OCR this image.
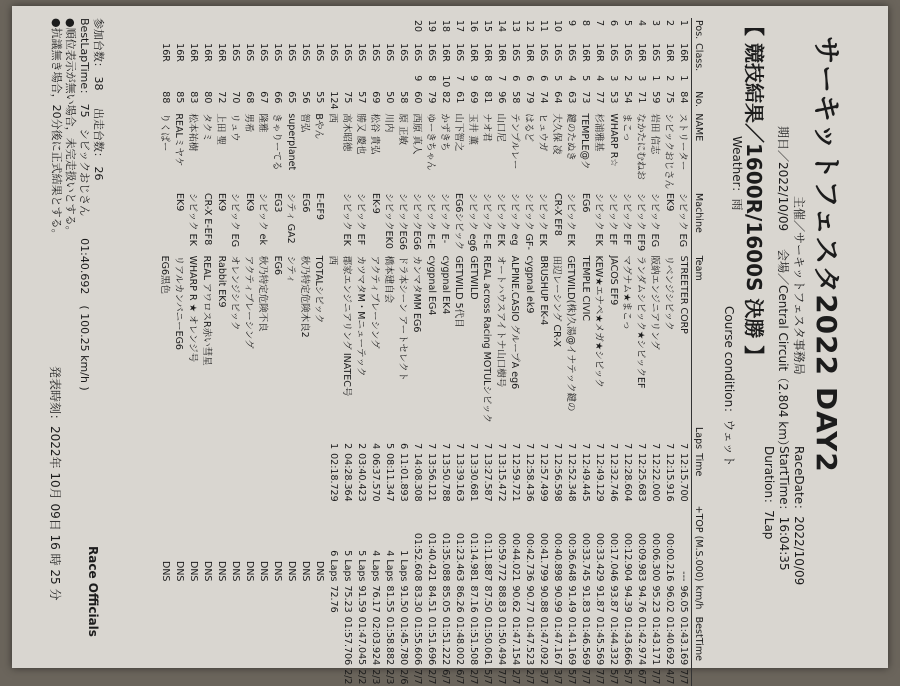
サーキットフェスタ2022 DAY2
主催／サーキットフェスタ事務局
期日／2022/10/09 会場／Central Circuit（2.804 km）
RaceDate：2022/10/09
StartTime：16:04:35
Duration：7Lap
【 競技結果／1600R/1600S 決勝 】
Weather：雨
Course condition：ウェット
Pos.	Class.		No.	NAME	Machine	Team	Laps	Time	+TOP (M.S.000)	km/h	BestTime	
1	16R	1	84	ストリーター	シビック EG	STREETER CORP	7	12:15.700	---	96.05	01:43.169	7/7
2	16R	2	75	シビックおじさん	EK9	リベンジシビック	7	12:15.916	00:00.216	96.02	01:40.692	4/7
3	16S	1	59	岩田 信志	シビック EG	阪納エンジニアリング	7	12:22.000	00:06.300	95.23	01:43.171	7/7
4	16R	3	71	なかたにむねお	シビック EF9	ランダムシビック★シビックEF	7	12:25.683	00:09.983	94.76	01:42.974	6/7
5	16S	2	54	まこっ	シビック EF	マグナム★まこっ	7	12:28.604	00:12.904	94.39	01:43.666	5/7
6	16S	3	53	WHARP R☆	シビック EF	JACOS EF9	7	12:32.746	00:17.046	93.87	01:44.332	5/7
7	16R	4	77	杉浦雅基	シビック EK	KEW★エナペ★メガ★シビック	7	12:49.129	00:33.429	91.87	01:45.569	7/7
8	16R	5	73	TEMPLE@ク	EG6	TEMPLE CIVIC	7	12:49.445	00:33.745	91.83	01:46.569	7/7
9	16S	4	63	鍵のたぬき	シビック EK	GETWILD(株)久湯@イナテック鍵の	7	12:52.348	00:36.648	91.49	01:41.169	5/7
10	16S	5	64	大久保 凌	CR-X EF8	田辺レーシング CR-X	7	12:56.598	00:40.898	90.99	01:47.167	3/7
11	16S	6	74	ヒュウガ	シビック EK	BRUSHUP EK-4	7	12:57.499	00:41.799	90.88	01:47.092	3/7
12	16R	6	79	はるど	シビック GF-	cygpnal ek9	7	12:58.436	00:42.736	90.77	01:47.523	2/7
13	16S	6	58	テンプルレー	シビック eg	ALPINE.CASIO グループA eg6	7	12:59.721	00:44.021	90.62	01:47.154	2/7
14	16R	7	96	山口尼	シビック EK	オートハウスアイトナ山口樹号	7	13:15.472	00:59.772	88.83	01:50.494	7/7
15	16R	8	81	ナオ君	シビック E-E	REAL across Racing MOTULシビック	7	13:27.587	01:11.887	87.50	01:50.061	5/7
16	16R	9	69	玉井 薫	シビック eg6	GETWILD	7	13:30.681	01:14.981	87.16	01:51.508	2/7
17	16S	7	61	山下智之	EG6シビック	GETWILD 5代目	7	13:39.163	01:23.463	86.26	01:48.002	6/7
18	16R	10	82	かずきち	シビック E-	cygpnal EK4	7	13:50.788	01:35.088	85.05	01:51.222	6/7
19	16S	8	79	ゆーきちゃん	シビック E-E	cygpnal EG4	7	13:56.121	01:40.421	84.51	01:51.696	2/7
20	16S	9	60	西原 真人	シビックEG6	カンマタMM EG6	7	14:08.308	01:52.608	83.30	01:55.606	7/7
	16S		58	原 正敏	シビックEG6	ドラ本シーン アートセレクト	6	11:01.893	1 Laps	91.50	01:45.780	2/6
	16S		50	川内	シビックEK0	橋本建自会	5	08:11.347	4 Laps	81.55	01:58.882	2/3
	16S		69	松谷 貴弘	EK-9	アクティブレーシング	4	06:37.570	4 Laps	76.17	02:03.924	2/3
	16S		57	勝又 慶也	シビック EF	カツマタM・Mニューテック	2	03:40.423	5 Laps	91.59	01:47.045	2/2
	16S		75	高木昭徳	シビック EK	郡家エンジニアリング INATEC号	2	04:28.364	5 Laps	75.23	01:57.706	2/2
	16S		124	西		西	1	02:18.729	6 Laps	72.76		
	16S		55	Bやん	E-EF9	TOTALシビック			DNS			
	16S		56	智弘	EG6	秋乃特定危険木良2			DNS			
	16S		65	superplanet	シティ GA2	シティ			DNS			
	16S		66	きゃりーてる	EG3	EG6			DNS			
	16S		67	隆雅	シビック ek	秋乃特定危険不良			DNS			
	16S		68	男希	EK9	アクティブレーシング			DNS			
	16S		70	リュウ	シビック EG	オレンジシビック			DNS			
	16R		72	上田 聖	EK9	Rabbit EK9			DNS			
	16R		80	タクミ	CR-X E-EF8	REAL アワロスR赤い彗星			DNS			
	16R		83	松本祐樹	シビック EK	WHARP R ★ オレンジ号			DNS			
	16R		85	REALミヤケ	EK9	リアルカンパニーEG6			DNS			
	16R		88	りくぱー		EG6黒色			DNS			
参加台数： 38     出走台数： 26
BestLapTime： 75　シビックおじさん　　01:40.692　( 100.25 km/h )
●順位表示が無い場合，未完走扱いとする。
●抗議無き場合，20分後に正式結果とする。
Race Officials
発表時刻：2022年 10月 09日 16 時 25 分
